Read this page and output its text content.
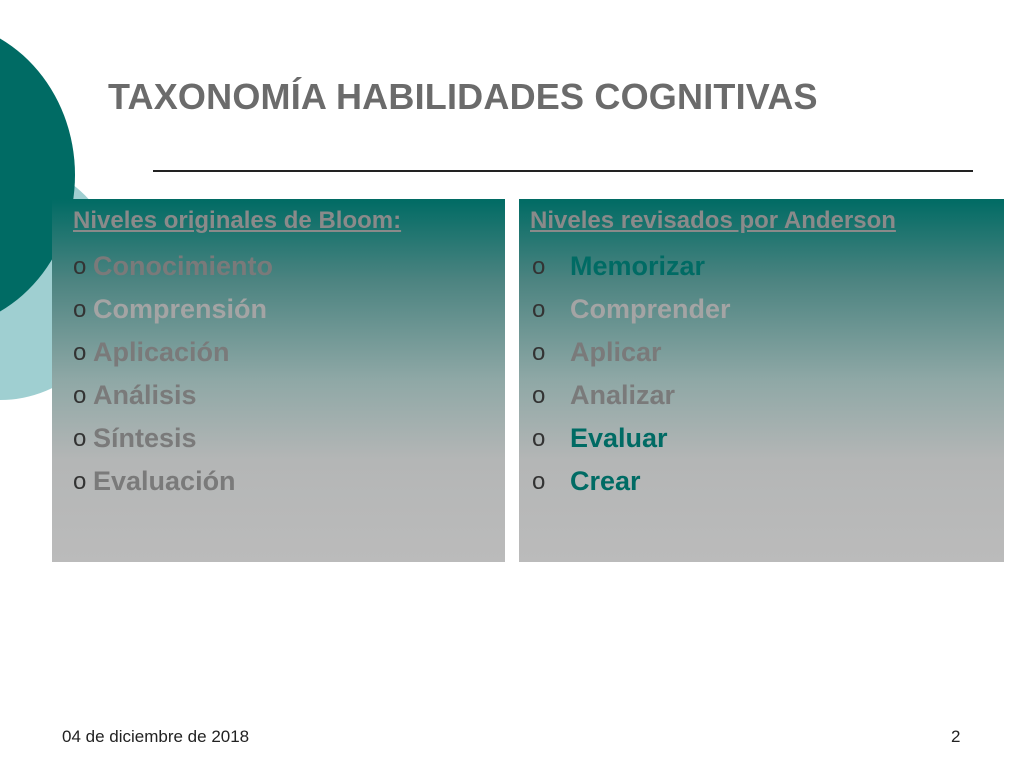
TAXONOMÍA HABILIDADES COGNITIVAS

Niveles originales de Bloom:

o Conocimiento
o Comprensión
o Aplicación
o Análisis
o Síntesis
o Evaluación

Niveles revisados por Anderson

o Memorizar
o Comprender
o Aplicar
o Analizar
o Evaluar
o Crear
04 de diciembre de 2018	2
